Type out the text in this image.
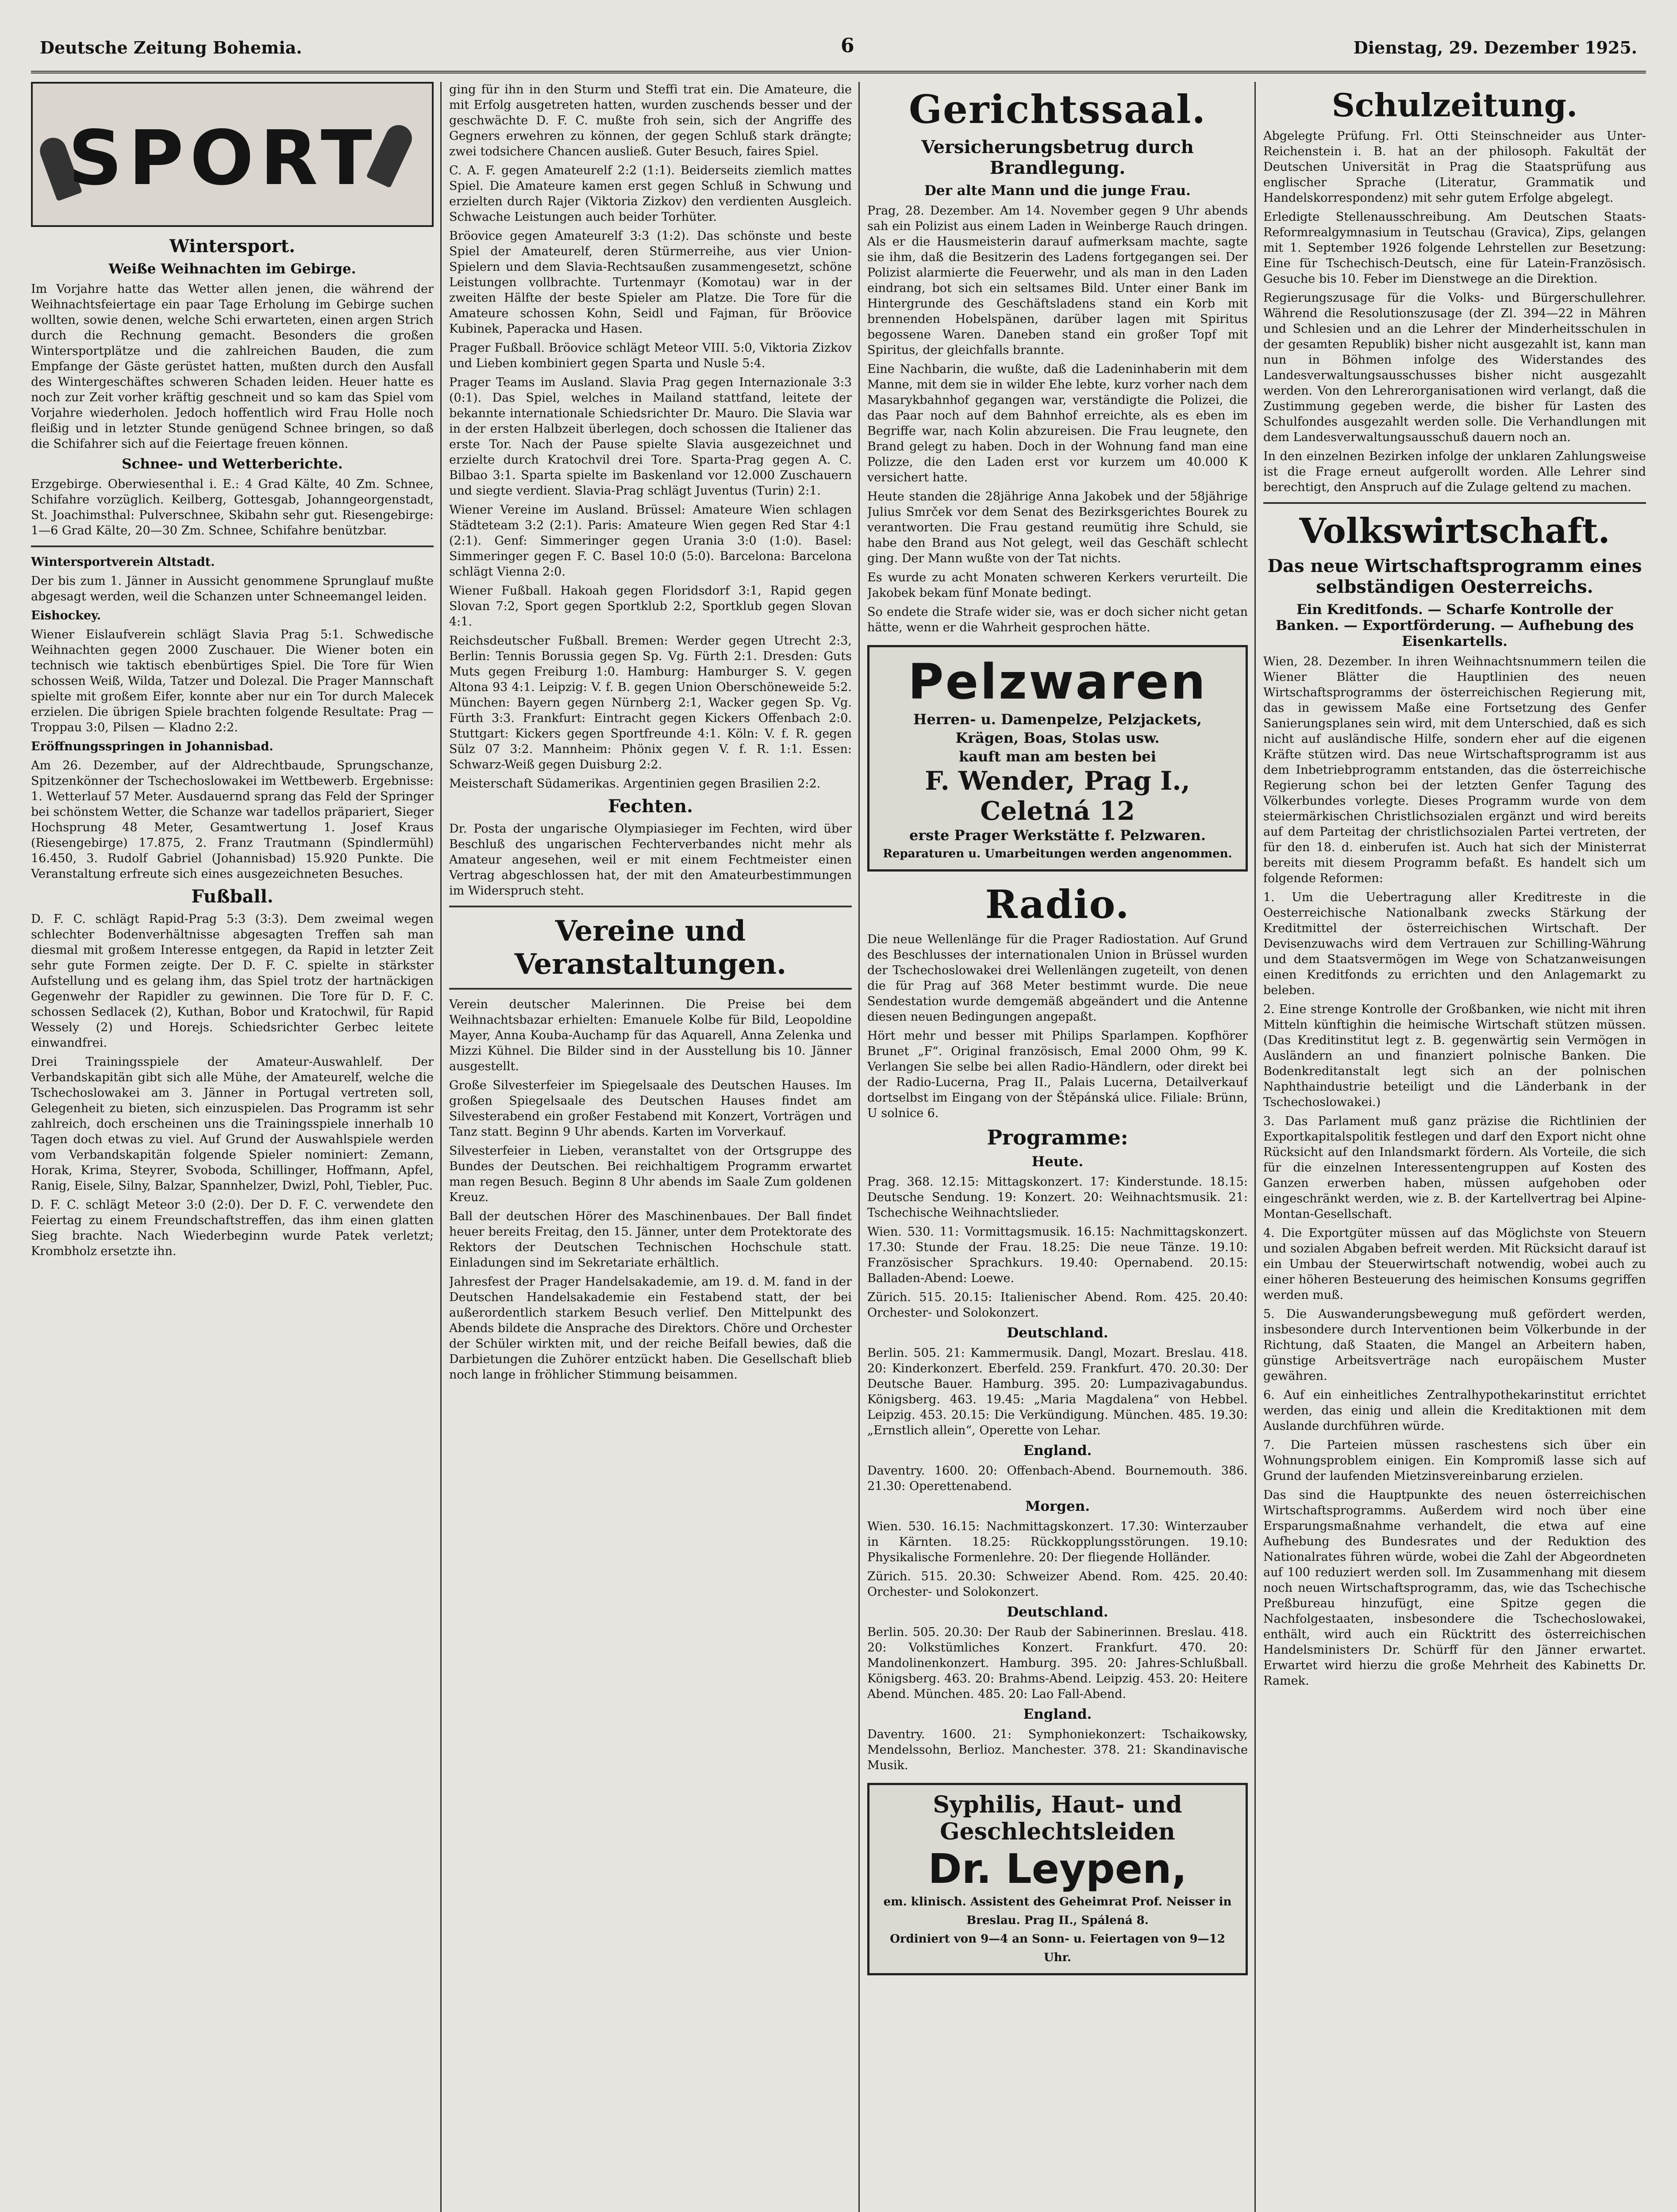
Deutsche Zeitung Bohemia.	6	Dienstag, 29. Dezember 1925.
SPORT
Wintersport.
Weiße Weihnachten im Gebirge.

Im Vorjahre hatte das Wetter allen jenen, die während der Weihnachtsfeiertage ein paar Tage Erholung im Gebirge suchen wollten, sowie denen, welche Schi erwarteten, einen argen Strich durch die Rechnung gemacht. Besonders die großen Wintersportplätze und die zahlreichen Bauden, die zum Empfange der Gäste gerüstet hatten, mußten durch den Ausfall des Wintergeschäftes schweren Schaden leiden. Heuer hatte es noch zur Zeit vorher kräftig geschneit und so kam das Spiel vom Vorjahre wiederholen. Jedoch hoffentlich wird Frau Holle noch fleißig und in letzter Stunde genügend Schnee bringen, so daß die Schifahrer sich auf die Feiertage freuen können.

Schnee- und Wetterberichte.

Erzgebirge. Oberwiesenthal i. E.: 4 Grad Kälte, 40 Zm. Schnee, Schifahre vorzüglich. Keilberg, Gottesgab, Johanngeorgenstadt, St. Joachimsthal: Pulverschnee, Skibahn sehr gut. Riesengebirge: 1—6 Grad Kälte, 20—30 Zm. Schnee, Schifahre benützbar.

Wintersportverein Altstadt.

Der bis zum 1. Jänner in Aussicht genommene Sprunglauf mußte abgesagt werden, weil die Schanzen unter Schneemangel leiden.

Eishockey.

Wiener Eislaufverein schlägt Slavia Prag 5:1. Schwedische Weihnachten gegen 2000 Zuschauer. Die Wiener boten ein technisch wie taktisch ebenbürtiges Spiel. Die Tore für Wien schossen Weiß, Wilda, Tatzer und Dolezal. Die Prager Mannschaft spielte mit großem Eifer, konnte aber nur ein Tor durch Malecek erzielen. Die übrigen Spiele brachten folgende Resultate: Prag — Troppau 3:0, Pilsen — Kladno 2:2.

Eröffnungsspringen in Johannisbad.

Am 26. Dezember, auf der Aldrechtbaude, Sprungschanze, Spitzenkönner der Tschechoslowakei im Wettbewerb. Ergebnisse: 1. Wetterlauf 57 Meter. Ausdauernd sprang das Feld der Springer bei schönstem Wetter, die Schanze war tadellos präpariert, Sieger Hochsprung 48 Meter, Gesamtwertung 1. Josef Kraus (Riesengebirge) 17.875, 2. Franz Trautmann (Spindlermühl) 16.450, 3. Rudolf Gabriel (Johannisbad) 15.920 Punkte. Die Veranstaltung erfreute sich eines ausgezeichneten Besuches.

Fußball.

D. F. C. schlägt Rapid-Prag 5:3 (3:3). Dem zweimal wegen schlechter Bodenverhältnisse abgesagten Treffen sah man diesmal mit großem Interesse entgegen, da Rapid in letzter Zeit sehr gute Formen zeigte. Der D. F. C. spielte in stärkster Aufstellung und es gelang ihm, das Spiel trotz der hartnäckigen Gegenwehr der Rapidler zu gewinnen. Die Tore für D. F. C. schossen Sedlacek (2), Kuthan, Bobor und Kratochwil, für Rapid Wessely (2) und Horejs. Schiedsrichter Gerbec leitete einwandfrei.

Drei Trainingsspiele der Amateur-Auswahlelf. Der Verbandskapitän gibt sich alle Mühe, der Amateurelf, welche die Tschechoslowakei am 3. Jänner in Portugal vertreten soll, Gelegenheit zu bieten, sich einzuspielen. Das Programm ist sehr zahlreich, doch erscheinen uns die Trainingsspiele innerhalb 10 Tagen doch etwas zu viel. Auf Grund der Auswahlspiele werden vom Verbandskapitän folgende Spieler nominiert: Zemann, Horak, Krima, Steyrer, Svoboda, Schillinger, Hoffmann, Apfel, Ranig, Eisele, Silny, Balzar, Spannhelzer, Dwizl, Pohl, Tiebler, Puc.

D. F. C. schlägt Meteor 3:0 (2:0). Der D. F. C. verwendete den Feiertag zu einem Freundschaftstreffen, das ihm einen glatten Sieg brachte. Nach Wiederbeginn wurde Patek verletzt; Krombholz ersetzte ihn.

ging für ihn in den Sturm und Steffi trat ein. Die Amateure, die mit Erfolg ausgetreten hatten, wurden zuschends besser und der geschwächte D. F. C. mußte froh sein, sich der Angriffe des Gegners erwehren zu können, der gegen Schluß stark drängte; zwei todsichere Chancen ausließ. Guter Besuch, faires Spiel.

C. A. F. gegen Amateurelf 2:2 (1:1). Beiderseits ziemlich mattes Spiel. Die Amateure kamen erst gegen Schluß in Schwung und erzielten durch Rajer (Viktoria Zizkov) den verdienten Ausgleich. Schwache Leistungen auch beider Torhüter.

Bröovice gegen Amateurelf 3:3 (1:2). Das schönste und beste Spiel der Amateurelf, deren Stürmerreihe, aus vier Union-Spielern und dem Slavia-Rechtsaußen zusammengesetzt, schöne Leistungen vollbrachte. Turtenmayr (Komotau) war in der zweiten Hälfte der beste Spieler am Platze. Die Tore für die Amateure schossen Kohn, Seidl und Fajman, für Bröovice Kubinek, Paperacka und Hasen.

Prager Fußball. Bröovice schlägt Meteor VIII. 5:0, Viktoria Zizkov und Lieben kombiniert gegen Sparta und Nusle 5:4.

Prager Teams im Ausland. Slavia Prag gegen Internazionale 3:3 (0:1). Das Spiel, welches in Mailand stattfand, leitete der bekannte internationale Schiedsrichter Dr. Mauro. Die Slavia war in der ersten Halbzeit überlegen, doch schossen die Italiener das erste Tor. Nach der Pause spielte Slavia ausgezeichnet und erzielte durch Kratochvil drei Tore. Sparta-Prag gegen A. C. Bilbao 3:1. Sparta spielte im Baskenland vor 12.000 Zuschauern und siegte verdient. Slavia-Prag schlägt Juventus (Turin) 2:1.

Wiener Vereine im Ausland. Brüssel: Amateure Wien schlagen Städteteam 3:2 (2:1). Paris: Amateure Wien gegen Red Star 4:1 (2:1). Genf: Simmeringer gegen Urania 3:0 (1:0). Basel: Simmeringer gegen F. C. Basel 10:0 (5:0). Barcelona: Barcelona schlägt Vienna 2:0.

Wiener Fußball. Hakoah gegen Floridsdorf 3:1, Rapid gegen Slovan 7:2, Sport gegen Sportklub 2:2, Sportklub gegen Slovan 4:1.

Reichsdeutscher Fußball. Bremen: Werder gegen Utrecht 2:3, Berlin: Tennis Borussia gegen Sp. Vg. Fürth 2:1. Dresden: Guts Muts gegen Freiburg 1:0. Hamburg: Hamburger S. V. gegen Altona 93 4:1. Leipzig: V. f. B. gegen Union Oberschöneweide 5:2. München: Bayern gegen Nürnberg 2:1, Wacker gegen Sp. Vg. Fürth 3:3. Frankfurt: Eintracht gegen Kickers Offenbach 2:0. Stuttgart: Kickers gegen Sportfreunde 4:1. Köln: V. f. R. gegen Sülz 07 3:2. Mannheim: Phönix gegen V. f. R. 1:1. Essen: Schwarz-Weiß gegen Duisburg 2:2.

Meisterschaft Südamerikas. Argentinien gegen Brasilien 2:2.

Fechten.

Dr. Posta der ungarische Olympiasieger im Fechten, wird über Beschluß des ungarischen Fechterverbandes nicht mehr als Amateur angesehen, weil er mit einem Fechtmeister einen Vertrag abgeschlossen hat, der mit den Amateurbestimmungen im Widerspruch steht.

Vereine und Veranstaltungen.

Verein deutscher Malerinnen. Die Preise bei dem Weihnachtsbazar erhielten: Emanuele Kolbe für Bild, Leopoldine Mayer, Anna Kouba-Auchamp für das Aquarell, Anna Zelenka und Mizzi Kühnel. Die Bilder sind in der Ausstellung bis 10. Jänner ausgestellt.

Große Silvesterfeier im Spiegelsaale des Deutschen Hauses. Im großen Spiegelsaale des Deutschen Hauses findet am Silvesterabend ein großer Festabend mit Konzert, Vorträgen und Tanz statt. Beginn 9 Uhr abends. Karten im Vorverkauf.

Silvesterfeier in Lieben, veranstaltet von der Ortsgruppe des Bundes der Deutschen. Bei reichhaltigem Programm erwartet man regen Besuch. Beginn 8 Uhr abends im Saale Zum goldenen Kreuz.

Ball der deutschen Hörer des Maschinenbaues. Der Ball findet heuer bereits Freitag, den 15. Jänner, unter dem Protektorate des Rektors der Deutschen Technischen Hochschule statt. Einladungen sind im Sekretariate erhältlich.

Jahresfest der Prager Handelsakademie, am 19. d. M. fand in der Deutschen Handelsakademie ein Festabend statt, der bei außerordentlich starkem Besuch verlief. Den Mittelpunkt des Abends bildete die Ansprache des Direktors. Chöre und Orchester der Schüler wirkten mit, und der reiche Beifall bewies, daß die Darbietungen die Zuhörer entzückt haben. Die Gesellschaft blieb noch lange in fröhlicher Stimmung beisammen.

Gerichtssaal.
Versicherungsbetrug durch Brandlegung.
Der alte Mann und die junge Frau.

Prag, 28. Dezember. Am 14. November gegen 9 Uhr abends sah ein Polizist aus einem Laden in Weinberge Rauch dringen. Als er die Hausmeisterin darauf aufmerksam machte, sagte sie ihm, daß die Besitzerin des Ladens fortgegangen sei. Der Polizist alarmierte die Feuerwehr, und als man in den Laden eindrang, bot sich ein seltsames Bild. Unter einer Bank im Hintergrunde des Geschäftsladens stand ein Korb mit brennenden Hobelspänen, darüber lagen mit Spiritus begossene Waren. Daneben stand ein großer Topf mit Spiritus, der gleichfalls brannte.

Eine Nachbarin, die wußte, daß die Ladeninhaberin mit dem Manne, mit dem sie in wilder Ehe lebte, kurz vorher nach dem Masarykbahnhof gegangen war, verständigte die Polizei, die das Paar noch auf dem Bahnhof erreichte, als es eben im Begriffe war, nach Kolin abzureisen. Die Frau leugnete, den Brand gelegt zu haben. Doch in der Wohnung fand man eine Polizze, die den Laden erst vor kurzem um 40.000 K versichert hatte.

Heute standen die 28jährige Anna Jakobek und der 58jährige Julius Smrček vor dem Senat des Bezirksgerichtes Bourek zu verantworten. Die Frau gestand reumütig ihre Schuld, sie habe den Brand aus Not gelegt, weil das Geschäft schlecht ging. Der Mann wußte von der Tat nichts.

Es wurde zu acht Monaten schweren Kerkers verurteilt. Die Jakobek bekam fünf Monate bedingt.

So endete die Strafe wider sie, was er doch sicher nicht getan hätte, wenn er die Wahrheit gesprochen hätte.

Pelzwaren
Herren- u. Damenpelze, Pelzjackets,
Krägen, Boas, Stolas usw.
kauft man am besten bei
F. Wender, Prag I., Celetná 12
erste Prager Werkstätte f. Pelzwaren.
Reparaturen u. Umarbeitungen werden angenommen.
Radio.

Die neue Wellenlänge für die Prager Radiostation. Auf Grund des Beschlusses der internationalen Union in Brüssel wurden der Tschechoslowakei drei Wellenlängen zugeteilt, von denen die für Prag auf 368 Meter bestimmt wurde. Die neue Sendestation wurde demgemäß abgeändert und die Antenne diesen neuen Bedingungen angepaßt.

Hört mehr und besser mit Philips Sparlampen. Kopfhörer Brunet „F“. Original französisch, Emal 2000 Ohm, 99 K. Verlangen Sie selbe bei allen Radio-Händlern, oder direkt bei der Radio-Lucerna, Prag II., Palais Lucerna, Detailverkauf dortselbst im Eingang von der Štěpánská ulice. Filiale: Brünn, U solnice 6.

Programme:
Heute.

Prag. 368. 12.15: Mittagskonzert. 17: Kinderstunde. 18.15: Deutsche Sendung. 19: Konzert. 20: Weihnachtsmusik. 21: Tschechische Weihnachtslieder.

Wien. 530. 11: Vormittagsmusik. 16.15: Nachmittagskonzert. 17.30: Stunde der Frau. 18.25: Die neue Tänze. 19.10: Französischer Sprachkurs. 19.40: Opernabend. 20.15: Balladen-Abend: Loewe.

Zürich. 515. 20.15: Italienischer Abend. Rom. 425. 20.40: Orchester- und Solokonzert.

Deutschland.

Berlin. 505. 21: Kammermusik. Dangl, Mozart. Breslau. 418. 20: Kinderkonzert. Eberfeld. 259. Frankfurt. 470. 20.30: Der Deutsche Bauer. Hamburg. 395. 20: Lumpazivagabundus. Königsberg. 463. 19.45: „Maria Magdalena“ von Hebbel. Leipzig. 453. 20.15: Die Verkündigung. München. 485. 19.30: „Ernstlich allein“, Operette von Lehar.

England.

Daventry. 1600. 20: Offenbach-Abend. Bournemouth. 386. 21.30: Operettenabend.

Morgen.

Wien. 530. 16.15: Nachmittagskonzert. 17.30: Winterzauber in Kärnten. 18.25: Rückkopplungsstörungen. 19.10: Physikalische Formenlehre. 20: Der fliegende Holländer.

Zürich. 515. 20.30: Schweizer Abend. Rom. 425. 20.40: Orchester- und Solokonzert.

Deutschland.

Berlin. 505. 20.30: Der Raub der Sabinerinnen. Breslau. 418. 20: Volkstümliches Konzert. Frankfurt. 470. 20: Mandolinenkonzert. Hamburg. 395. 20: Jahres-Schlußball. Königsberg. 463. 20: Brahms-Abend. Leipzig. 453. 20: Heitere Abend. München. 485. 20: Lao Fall-Abend.

England.

Daventry. 1600. 21: Symphoniekonzert: Tschaikowsky, Mendelssohn, Berlioz. Manchester. 378. 21: Skandinavische Musik.

Syphilis, Haut- und Geschlechtsleiden
Dr. Leypen,
em. klinisch. Assistent des Geheimrat Prof. Neisser in Breslau. Prag II., Spálená 8.
Ordiniert von 9—4 an Sonn- u. Feiertagen von 9—12 Uhr.
Schulzeitung.

Abgelegte Prüfung. Frl. Otti Steinschneider aus Unter-Reichenstein i. B. hat an der philosoph. Fakultät der Deutschen Universität in Prag die Staatsprüfung aus englischer Sprache (Literatur, Grammatik und Handelskorrespondenz) mit sehr gutem Erfolge abgelegt.

Erledigte Stellenausschreibung. Am Deutschen Staats-Reformrealgymnasium in Teutschau (Gravica), Zips, gelangen mit 1. September 1926 folgende Lehrstellen zur Besetzung: Eine für Tschechisch-Deutsch, eine für Latein-Französisch. Gesuche bis 10. Feber im Dienstwege an die Direktion.

Regierungszusage für die Volks- und Bürgerschullehrer. Während die Resolutionszusage (der Zl. 394—22 in Mähren und Schlesien und an die Lehrer der Minderheitsschulen in der gesamten Republik) bisher nicht ausgezahlt ist, kann man nun in Böhmen infolge des Widerstandes des Landesverwaltungsausschusses bisher nicht ausgezahlt werden. Von den Lehrerorganisationen wird verlangt, daß die Zustimmung gegeben werde, die bisher für Lasten des Schulfondes ausgezahlt werden solle. Die Verhandlungen mit dem Landesverwaltungsausschuß dauern noch an.

In den einzelnen Bezirken infolge der unklaren Zahlungsweise ist die Frage erneut aufgerollt worden. Alle Lehrer sind berechtigt, den Anspruch auf die Zulage geltend zu machen.

Volkswirtschaft.
Das neue Wirtschaftsprogramm eines selbständigen Oesterreichs.
Ein Kreditfonds. — Scharfe Kontrolle der Banken. — Exportförderung. — Aufhebung des Eisenkartells.

Wien, 28. Dezember. In ihren Weihnachtsnummern teilen die Wiener Blätter die Hauptlinien des neuen Wirtschaftsprogramms der österreichischen Regierung mit, das in gewissem Maße eine Fortsetzung des Genfer Sanierungsplanes sein wird, mit dem Unterschied, daß es sich nicht auf ausländische Hilfe, sondern eher auf die eigenen Kräfte stützen wird. Das neue Wirtschaftsprogramm ist aus dem Inbetriebprogramm entstanden, das die österreichische Regierung schon bei der letzten Genfer Tagung des Völkerbundes vorlegte. Dieses Programm wurde von dem steiermärkischen Christlichsozialen ergänzt und wird bereits auf dem Parteitag der christlichsozialen Partei vertreten, der für den 18. d. einberufen ist. Auch hat sich der Ministerrat bereits mit diesem Programm befaßt. Es handelt sich um folgende Reformen:

1. Um die Uebertragung aller Kreditreste in die Oesterreichische Nationalbank zwecks Stärkung der Kreditmittel der österreichischen Wirtschaft. Der Devisenzuwachs wird dem Vertrauen zur Schilling-Währung und dem Staatsvermögen im Wege von Schatzanweisungen einen Kreditfonds zu errichten und den Anlagemarkt zu beleben.

2. Eine strenge Kontrolle der Großbanken, wie nicht mit ihren Mitteln künftighin die heimische Wirtschaft stützen müssen. (Das Kreditinstitut legt z. B. gegenwärtig sein Vermögen in Ausländern an und finanziert polnische Banken. Die Bodenkreditanstalt legt sich an der polnischen Naphthaindustrie beteiligt und die Länderbank in der Tschechoslowakei.)

3. Das Parlament muß ganz präzise die Richtlinien der Exportkapitalspolitik festlegen und darf den Export nicht ohne Rücksicht auf den Inlandsmarkt fördern. Als Vorteile, die sich für die einzelnen Interessentengruppen auf Kosten des Ganzen erwerben haben, müssen aufgehoben oder eingeschränkt werden, wie z. B. der Kartellvertrag bei Alpine-Montan-Gesellschaft.

4. Die Exportgüter müssen auf das Möglichste von Steuern und sozialen Abgaben befreit werden. Mit Rücksicht darauf ist ein Umbau der Steuerwirtschaft notwendig, wobei auch zu einer höheren Besteuerung des heimischen Konsums gegriffen werden muß.

5. Die Auswanderungsbewegung muß gefördert werden, insbesondere durch Interventionen beim Völkerbunde in der Richtung, daß Staaten, die Mangel an Arbeitern haben, günstige Arbeitsverträge nach europäischem Muster gewähren.

6. Auf ein einheitliches Zentralhypothekarinstitut errichtet werden, das einig und allein die Kreditaktionen mit dem Auslande durchführen würde.

7. Die Parteien müssen raschestens sich über ein Wohnungsproblem einigen. Ein Kompromiß lasse sich auf Grund der laufenden Mietzinsvereinbarung erzielen.

Das sind die Hauptpunkte des neuen österreichischen Wirtschaftsprogramms. Außerdem wird noch über eine Ersparungsmaßnahme verhandelt, die etwa auf eine Aufhebung des Bundesrates und der Reduktion des Nationalrates führen würde, wobei die Zahl der Abgeordneten auf 100 reduziert werden soll. Im Zusammenhang mit diesem noch neuen Wirtschaftsprogramm, das, wie das Tschechische Preßbureau hinzufügt, eine Spitze gegen die Nachfolgestaaten, insbesondere die Tschechoslowakei, enthält, wird auch ein Rücktritt des österreichischen Handelsministers Dr. Schürff für den Jänner erwartet. Erwartet wird hierzu die große Mehrheit des Kabinetts Dr. Ramek.
